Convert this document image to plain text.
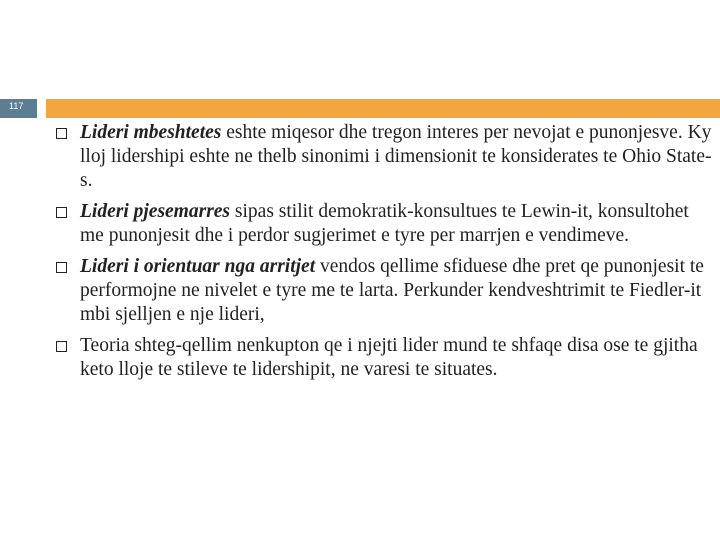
117
Lideri mbeshtetes eshte miqesor dhe tregon interes per nevojat e punonjesve. Ky lloj lidershipi eshte ne thelb sinonimi i dimensionit te konsiderates te Ohio State-s.
Lideri pjesemarres sipas stilit demokratik-konsultues te Lewin-it, konsultohet me punonjesit dhe i perdor sugjerimet e tyre per marrjen e vendimeve.
Lideri i orientuar nga arritjet vendos qellime sfiduese dhe pret qe punonjesit te performojne ne nivelet e tyre me te larta. Perkunder kendveshtrimit te Fiedler-it mbi sjelljen e nje lideri,
Teoria shteg-qellim nenkupton qe i njejti lider mund te shfaqe disa ose te gjitha keto lloje te stileve te lidershipit, ne varesi te situates.
